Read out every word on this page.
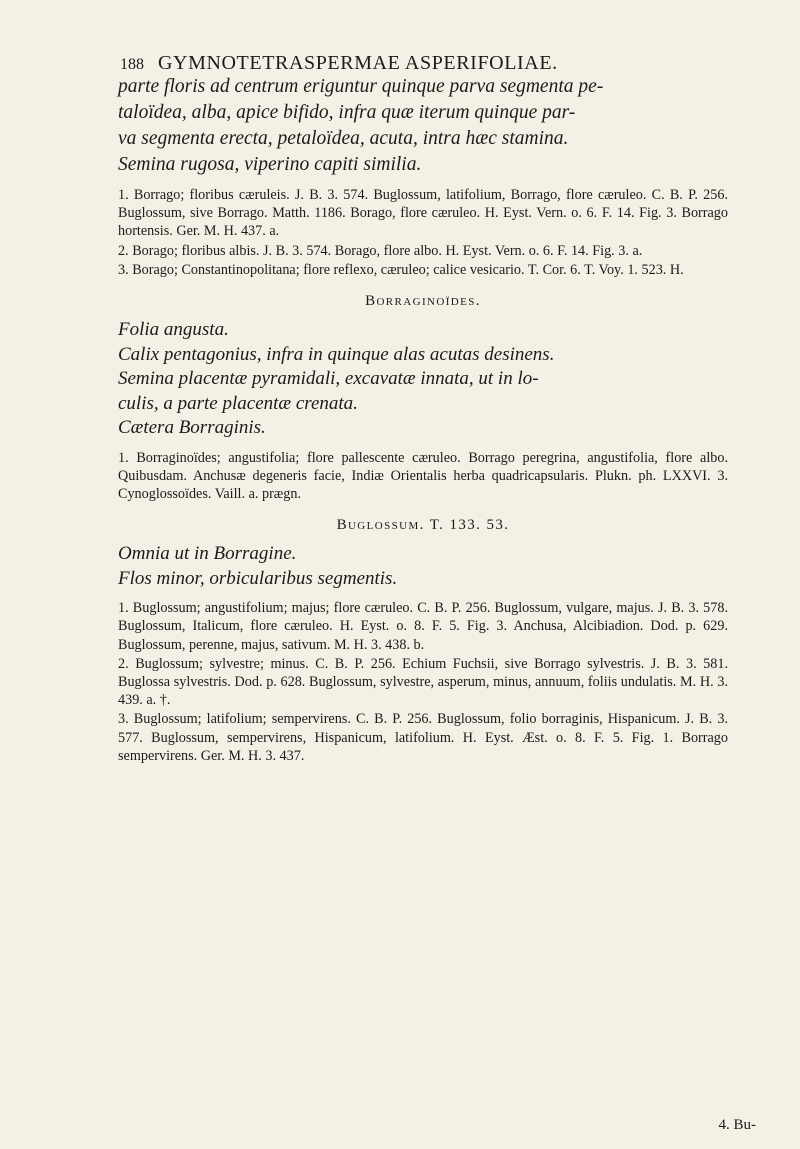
188 GYMNOTETRASPERMAE ASPERIFOLIAE.

parte floris ad centrum eriguntur quinque parva segmenta pe-

taloïdea, alba, apice bifido, infra quæ iterum quinque par-

va segmenta erecta, petaloïdea, acuta, intra hæc stamina.

Semina rugosa, viperino capiti similia.

1. Borrago; floribus cæruleis. J. B. 3. 574. Buglossum, latifolium, Borrago, flore cæruleo. C. B. P. 256. Buglossum, sive Borrago. Matth. 1186. Borago, flore cæruleo. H. Eyst. Vern. o. 6. F. 14. Fig. 3. Borrago hortensis. Ger. M. H. 437. a.

2. Borago; floribus albis. J. B. 3. 574. Borago, flore albo. H. Eyst. Vern. o. 6. F. 14. Fig. 3. a.

3. Borago; Constantinopolitana; flore reflexo, cæruleo; calice vesicario. T. Cor. 6. T. Voy. 1. 523. H.

Borraginoïdes.

Folia angusta.

Calix pentagonius, infra in quinque alas acutas desinens.

Semina placentæ pyramidali, excavatæ innata, ut in lo-

culis, a parte placentæ crenata.

Cætera Borraginis.

1. Borraginoïdes; angustifolia; flore pallescente cæruleo. Borrago peregrina, angustifolia, flore albo. Quibusdam. Anchusæ degeneris facie, Indiæ Orientalis herba quadricapsularis. Plukn. ph. LXXVI. 3. Cynoglossoïdes. Vaill. a. prægn.

Buglossum. T. 133. 53.

Omnia ut in Borragine.

Flos minor, orbicularibus segmentis.

1. Buglossum; angustifolium; majus; flore cæruleo. C. B. P. 256. Buglossum, vulgare, majus. J. B. 3. 578. Buglossum, Italicum, flore cæruleo. H. Eyst. o. 8. F. 5. Fig. 3. Anchusa, Alcibiadion. Dod. p. 629. Buglossum, perenne, majus, sativum. M. H. 3. 438. b.

2. Buglossum; sylvestre; minus. C. B. P. 256. Echium Fuchsii, sive Borrago sylvestris. J. B. 3. 581. Buglossa sylvestris. Dod. p. 628. Buglossum, sylvestre, asperum, minus, annuum, foliis undulatis. M. H. 3. 439. a. †.

3. Buglossum; latifolium; sempervirens. C. B. P. 256. Buglossum, folio borraginis, Hispanicum. J. B. 3. 577. Buglossum, sempervirens, Hispanicum, latifolium. H. Eyst. Æst. o. 8. F. 5. Fig. 1. Borrago sempervirens. Ger. M. H. 3. 437.

4. Bu-
